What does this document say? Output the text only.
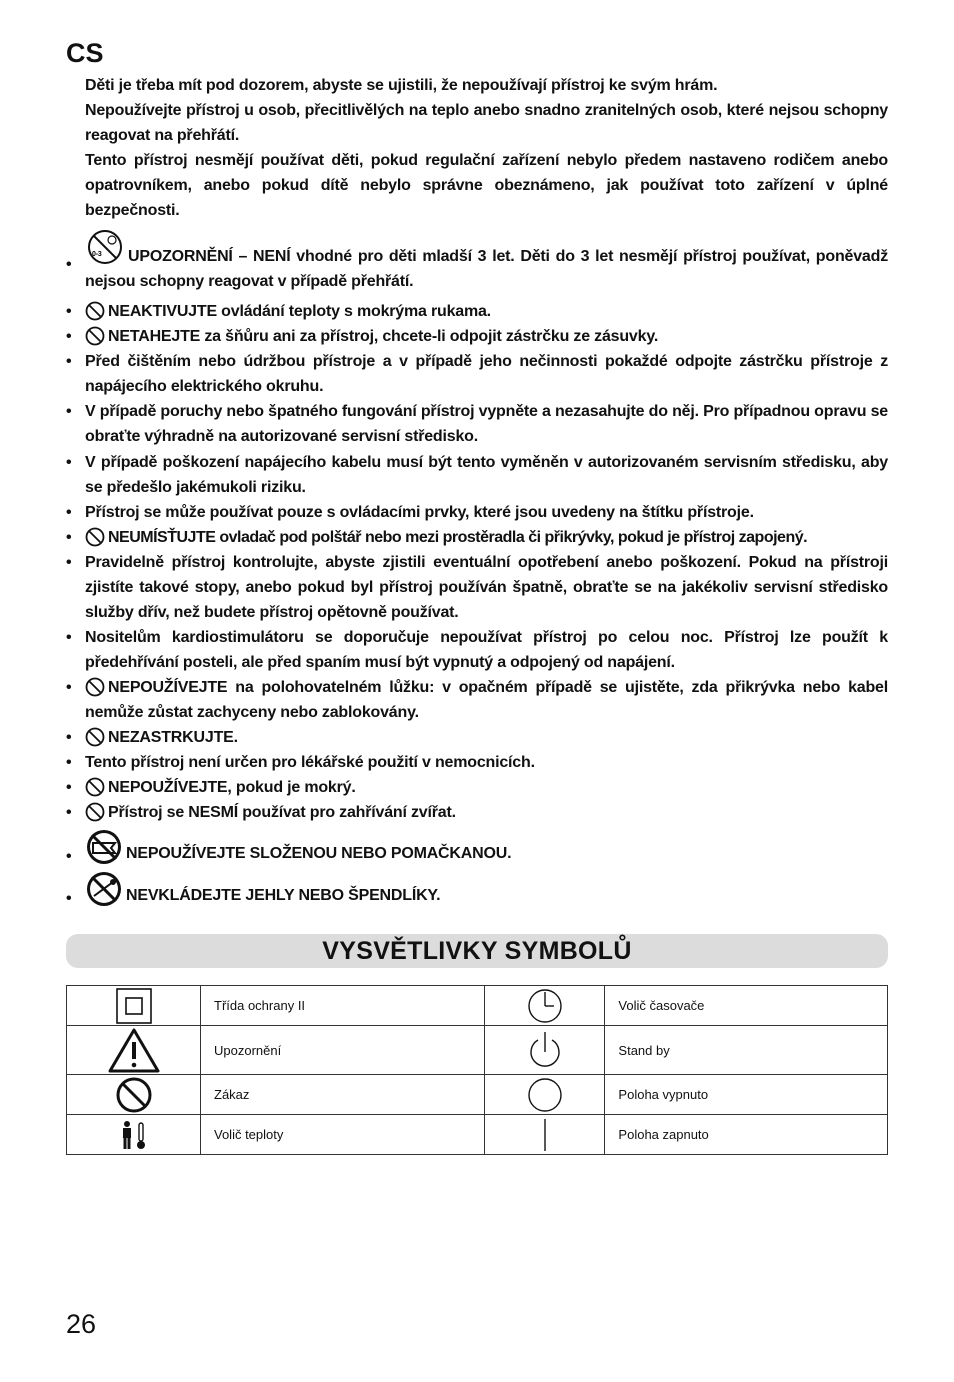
CS

Děti je třeba mít pod dozorem, abyste se ujistili, že nepoužívají přístroj ke svým hrám.

Nepoužívejte přístroj u osob, přecitlivělých na teplo anebo snadno zranitelných osob, které nejsou schopny reagovat na přehřátí.

Tento přístroj nesmějí používat děti, pokud regulační zařízení nebylo předem nastaveno rodičem anebo opatrovníkem, anebo pokud dítě nebylo správne obeznámeno, jak používat toto zařízení v úplné bezpečnosti.

•
0-3 UPOZORNĚNÍ – NENÍ vhodné pro děti mladší 3 let. Děti do 3 let nesmějí přístroj používat, poněvadž nejsou schopny reagovat v případě přehřátí.
•	NEAKTIVUJTE ovládání teploty s mokrýma rukama.
•	NETAHEJTE za šňůru ani za přístroj, chcete-li odpojit zástrčku ze zásuvky.
• Před čištěním nebo údržbou přístroje a v případě jeho nečinnosti pokaždé odpojte zástrčku přístroje z napájecího elektrického okruhu.
• V případě poruchy nebo špatného fungování přístroj vypněte a nezasahujte do něj. Pro případnou opravu se obraťte výhradně na autorizované servisní středisko.
• V případě poškození napájecího kabelu musí být tento vyměněn v autorizovaném servisním středisku, aby se předešlo jakémukoli riziku.
• Přístroj se může používat pouze s ovládacími prvky, které jsou uvedeny na štítku přístroje.
•	NEUMÍSŤUJTE ovladač pod polštář nebo mezi prostěradla či přikrývky, pokud je přístroj zapojený.
• Pravidelně přístroj kontrolujte, abyste zjistili eventuální opotřebení anebo poškození. Pokud na přístroji zjistíte takové stopy, anebo pokud byl přístroj používán špatně, obraťte se na jakékoliv servisní středisko služby dřív, než budete přístroj opětovně používat.
• Nositelům kardiostimulátoru se doporučuje nepoužívat přístroj po celou noc. Přístroj lze použít k předehřívání posteli, ale před spaním musí být vypnutý a odpojený od napájení.
•	NEPOUŽÍVEJTE na polohovatelném lůžku: v opačném případě se ujistěte, zda přikrývka nebo kabel nemůže zůstat zachyceny nebo zablokovány.
•	NEZASTRKUJTE.
• Tento přístroj není určen pro lékářské použití v nemocnicích.
•	NEPOUŽÍVEJTE, pokud je mokrý.
•	Přístroj se NESMÍ používat pro zahřívání zvířat.
•	NEPOUŽÍVEJTE SLOŽENOU NEBO POMAČKANOU.
•	NEVKLÁDEJTE JEHLY NEBO ŠPENDLÍKY.
VYSVĚTLIVKY SYMBOLŮ
	Třída ochrany II		Volič časovače

	Upozornění		Stand by

	Zákaz		Poloha vypnuto

	Volič teploty		Poloha zapnuto
26
